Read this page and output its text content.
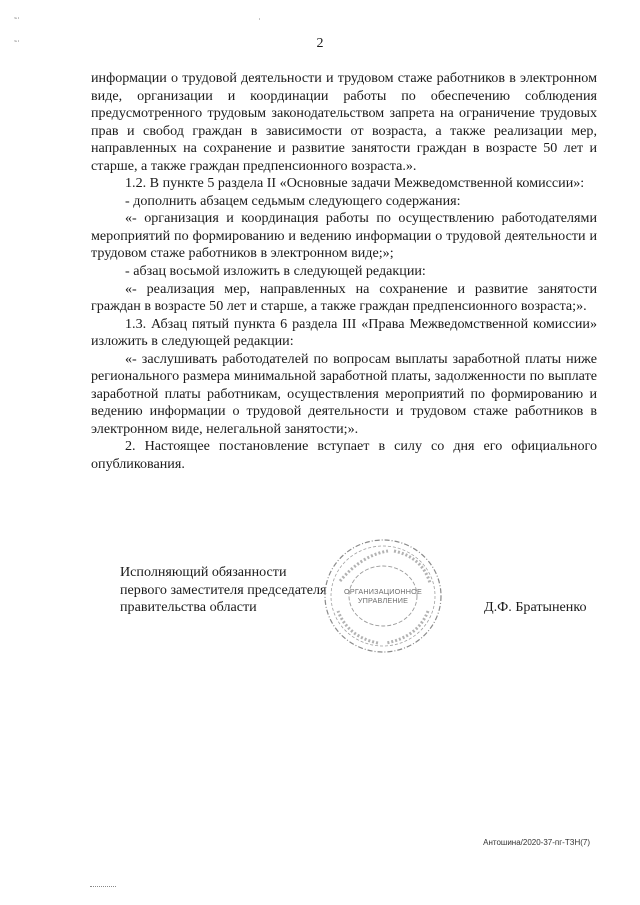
2

информации о трудовой деятельности и трудовом стаже работников в электронном виде, организации и координации работы по обеспечению соблюдения предусмотренного трудовым законодательством запрета на ограничение трудовых прав и свобод граждан в зависимости от возраста, а также реализации мер, направленных на сохранение и развитие занятости граждан в возрасте 50 лет и старше, а также граждан предпенсионного возраста.».

1.2. В пункте 5 раздела II «Основные задачи Межведомственной комиссии»:

- дополнить абзацем седьмым следующего содержания:

«- организация и координация работы по осуществлению работодателями мероприятий по формированию и ведению информации о трудовой деятельности и трудовом стаже работников в электронном виде;»;

- абзац восьмой изложить в следующей редакции:

«- реализация мер, направленных на сохранение и развитие занятости граждан в возрасте 50 лет и старше, а также граждан предпенсионного возраста;».

1.3. Абзац пятый пункта 6 раздела III «Права Межведомственной комиссии» изложить в следующей редакции:

«- заслушивать работодателей по вопросам выплаты заработной платы ниже регионального размера минимальной заработной платы, задолженности по выплате заработной платы работникам, осуществления мероприятий по формированию и ведению информации о трудовой деятельности и трудовом стаже работников в электронном виде, нелегальной занятости;».

2. Настоящее постановление вступает в силу со дня его официального опубликования.

Исполняющий обязанности
первого заместителя председателя
правительства области
ОРГАНИЗАЦИОННОЕ УПРАВЛЕНИЕ	Д.Ф. Братыненко
Антошина/2020-37-пг-ТЗН(7)
˜˙
˜˙
˙
